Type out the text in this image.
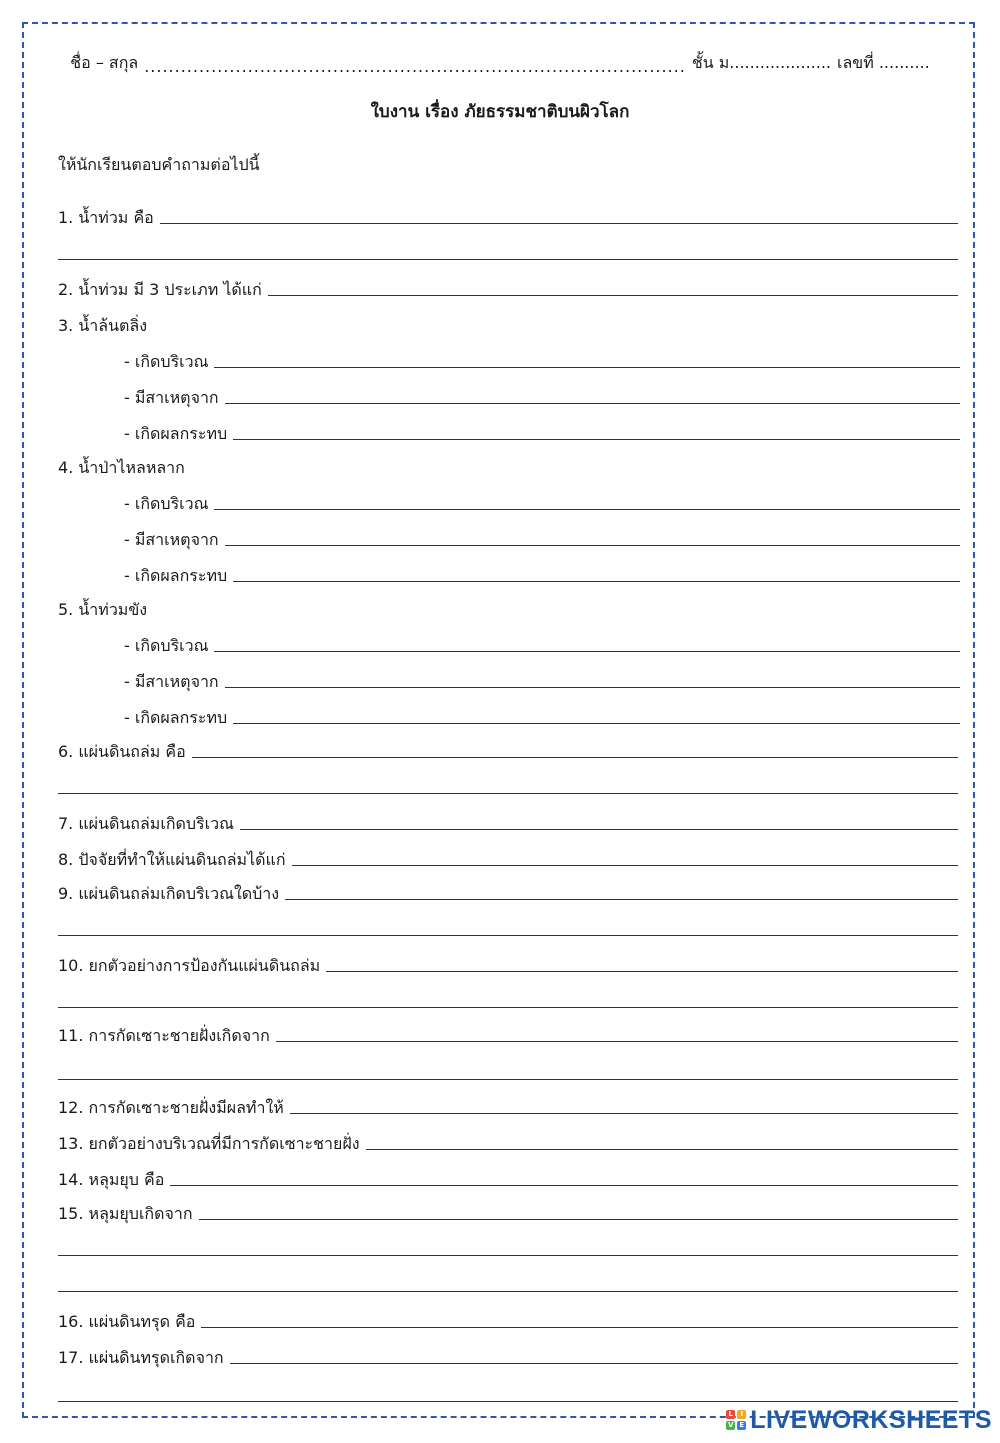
ชื่อ – สกุล ......................................................................................... ชั้น ม.................... เลขที่ ..........
ใบงาน เรื่อง ภัยธรรมชาติบนผิวโลก
ให้นักเรียนตอบคำถามต่อไปนี้
1. น้ำท่วม คือ
2. น้ำท่วม มี 3 ประเภท ได้แก่
3. น้ำล้นตลิ่ง
- เกิดบริเวณ
- มีสาเหตุจาก
- เกิดผลกระทบ
4. น้ำป่าไหลหลาก
- เกิดบริเวณ
- มีสาเหตุจาก
- เกิดผลกระทบ
5. น้ำท่วมขัง
- เกิดบริเวณ
- มีสาเหตุจาก
- เกิดผลกระทบ
6. แผ่นดินถล่ม คือ
7. แผ่นดินถล่มเกิดบริเวณ
8. ปัจจัยที่ทำให้แผ่นดินถล่มได้แก่
9. แผ่นดินถล่มเกิดบริเวณใดบ้าง
10. ยกตัวอย่างการป้องกันแผ่นดินถล่ม
11. การกัดเซาะชายฝั่งเกิดจาก
12. การกัดเซาะชายฝั่งมีผลทำให้
13. ยกตัวอย่างบริเวณที่มีการกัดเซาะชายฝั่ง
14. หลุมยุบ คือ
15. หลุมยุบเกิดจาก
16. แผ่นดินทรุด คือ
17. แผ่นดินทรุดเกิดจาก
L	I
V E LIVEWORKSHEETS
